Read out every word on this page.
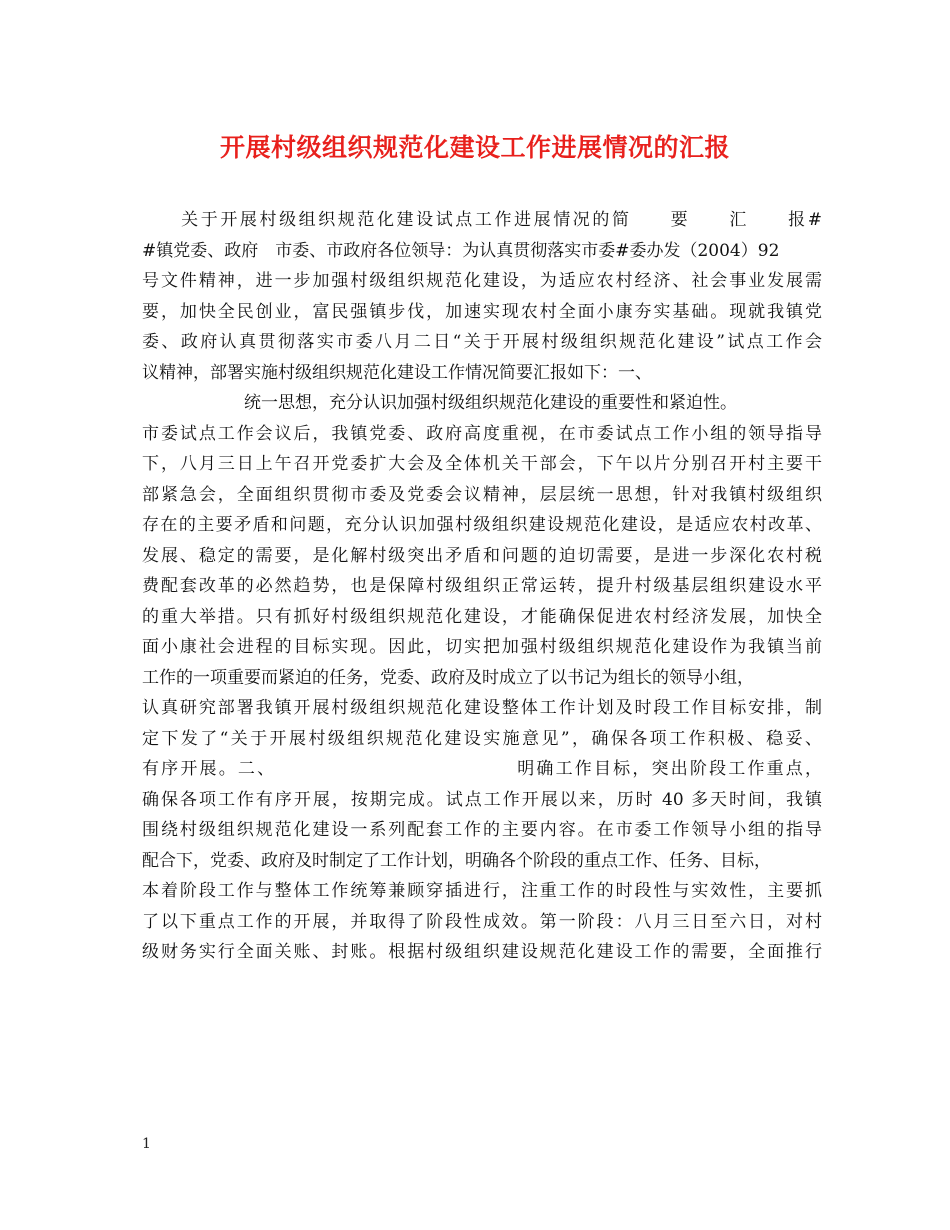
开展村级组织规范化建设工作进展情况的汇报
　　关于开展村级组织规范化建设试点工作进展情况的简　　要　　汇　　报#
#镇党委、政府　市委、市政府各位领导：为认真贯彻落实市委#委办发（2004）92
号文件精神，进一步加强村级组织规范化建设，为适应农村经济、社会事业发展需
要，加快全民创业，富民强镇步伐，加速实现农村全面小康夯实基础。现就我镇党
委、政府认真贯彻落实市委八月二日“关于开展村级组织规范化建设”试点工作会
议精神，部署实施村级组织规范化建设工作情况简要汇报如下：一、
　　　　　　统一思想，充分认识加强村级组织规范化建设的重要性和紧迫性。
市委试点工作会议后，我镇党委、政府高度重视，在市委试点工作小组的领导指导
下，八月三日上午召开党委扩大会及全体机关干部会，下午以片分别召开村主要干
部紧急会，全面组织贯彻市委及党委会议精神，层层统一思想，针对我镇村级组织
存在的主要矛盾和问题，充分认识加强村级组织建设规范化建设，是适应农村改革、
发展、稳定的需要，是化解村级突出矛盾和问题的迫切需要，是进一步深化农村税
费配套改革的必然趋势，也是保障村级组织正常运转，提升村级基层组织建设水平
的重大举措。只有抓好村级组织规范化建设，才能确保促进农村经济发展，加快全
面小康社会进程的目标实现。因此，切实把加强村级组织规范化建设作为我镇当前
工作的一项重要而紧迫的任务，党委、政府及时成立了以书记为组长的领导小组，
认真研究部署我镇开展村级组织规范化建设整体工作计划及时段工作目标安排，制
定下发了“关于开展村级组织规范化建设实施意见”，确保各项工作积极、稳妥、
有序开展。二、　　　　　　　　　　　　　明确工作目标，突出阶段工作重点，
确保各项工作有序开展，按期完成。试点工作开展以来，历时 40 多天时间，我镇
围绕村级组织规范化建设一系列配套工作的主要内容。在市委工作领导小组的指导
配合下，党委、政府及时制定了工作计划，明确各个阶段的重点工作、任务、目标，
本着阶段工作与整体工作统筹兼顾穿插进行，注重工作的时段性与实效性，主要抓
了以下重点工作的开展，并取得了阶段性成效。第一阶段：八月三日至六日，对村
级财务实行全面关账、封账。根据村级组织建设规范化建设工作的需要，全面推行
1
